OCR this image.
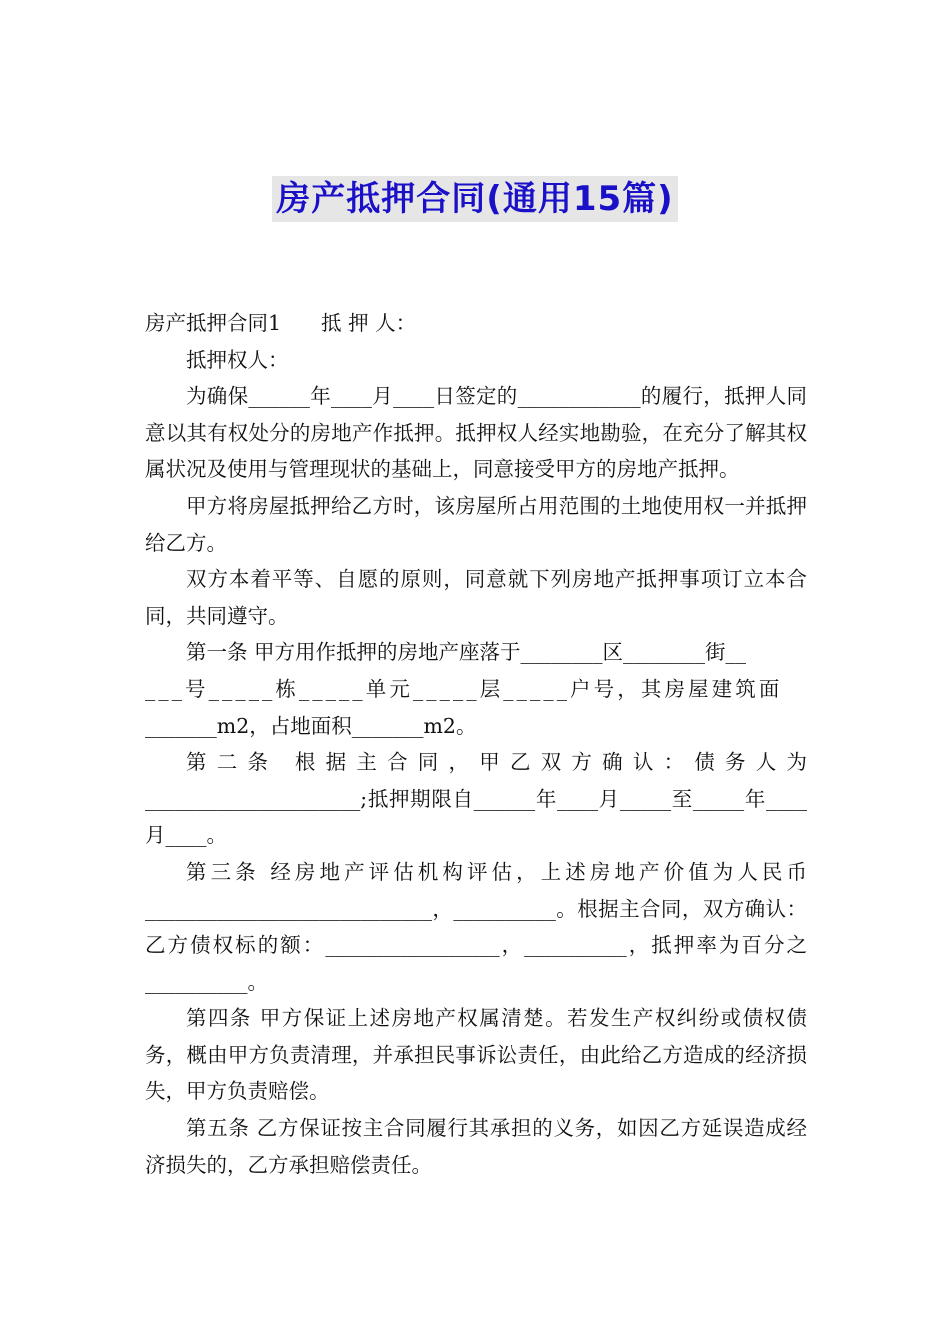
房产抵押合同(通用15篇)

房产抵押合同1 抵 押 人：

抵押权人：

为确保______年____月____日签定的____________的履行，抵押人同意以其有权处分的房地产作抵押。抵押权人经实地勘验，在充分了解其权属状况及使用与管理现状的基础上，同意接受甲方的房地产抵押。

甲方将房屋抵押给乙方时，该房屋所占用范围的土地使用权一并抵押给乙方。

双方本着平等、自愿的原则，同意就下列房地产抵押事项订立本合同，共同遵守。

第一条 甲方用作抵押的房地产座落于________区________街__

___号_____栋_____单元_____层_____户号，其房屋建筑面

_______m2，占地面积_______m2。

第二条 根据主合同，甲乙双方确认：债务人为_____________________;抵押期限自______年____月_____至_____年____月____。

第三条 经房地产评估机构评估，上述房地产价值为人民币____________________________，__________。根据主合同，双方确认：乙方债权标的额：_________________，__________，抵押率为百分之 __________。

第四条 甲方保证上述房地产权属清楚。若发生产权纠纷或债权债务，概由甲方负责清理，并承担民事诉讼责任，由此给乙方造成的经济损失，甲方负责赔偿。

第五条 乙方保证按主合同履行其承担的义务，如因乙方延误造成经济损失的，乙方承担赔偿责任。
